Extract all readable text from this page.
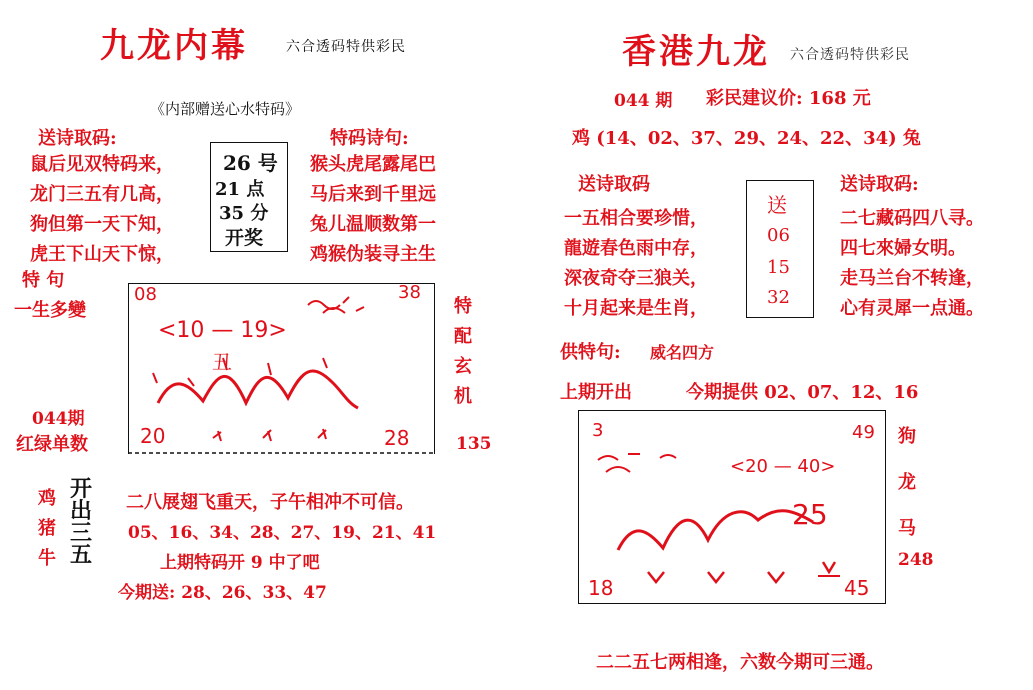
九龙内幕	六合透码特供彩民
《内部赠送心水特码》
送诗取码:
鼠后见双特码来，
龙门三五有几高，
狗但第一天下知，
虎王下山天下惊，
26 号
21 点
35 分
开奖
特码诗句:
猴头虎尾露尾巴
马后来到千里远
兔儿温顺数第一
鸡猴伪装寻主生
特 句
一生多變
08	38
<10 — 19>
丑
20	28
特
配
玄
机
044期
红绿单数	135
鸡
猪
牛
开
出
三
五
二八展翅飞重天，子午相冲不可信。
05、16、34、28、27、19、21、41
上期特码开 9 中了吧
今期送: 28、26、33、47
香港九龙 六合透码特供彩民
044 期 彩民建议价: 168 元
鸡 (14、02、37、29、24、22、34) 兔
送诗取码
一五相合要珍惜，
龍遊春色雨中存，
深夜奇夺三狼关，
十月起来是生肖，
送
06
15
32
送诗取码:
二七藏码四八寻。
四七來婦女明。
走马兰台不转逢，
心有灵犀一点通。
供特句: 威名四方
上期开出	今期提供 02、07、12、16
3	49
<20 — 40>
25
18	45
狗
龙
马
248
二二五七两相逢，六数今期可三通。
